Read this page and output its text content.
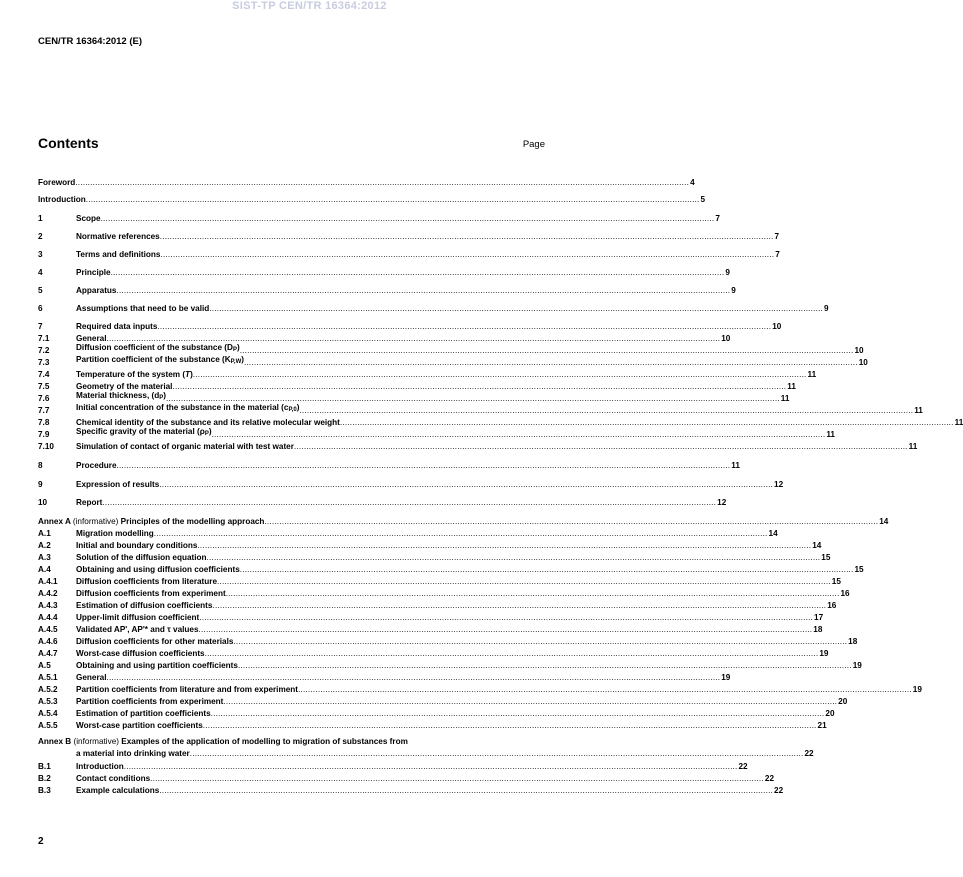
SIST-TP CEN/TR 16364:2012
CEN/TR 16364:2012 (E)
Contents	Page
Foreword .....	4
Introduction .....	5
1	Scope .....	7
2	Normative references .....	7
3	Terms and definitions .....	7
4	Principle .....	9
5	Apparatus .....	9
6	Assumptions that need to be valid .....	9
7	Required data inputs .....	10
7.1	General .....	10
7.2	Diffusion coefficient of the substance $(D_P)$ .....	10
7.3	Partition coefficient of the substance $(K_{P,W})$ .....	10
7.4	Temperature of the system (T) .....	11
7.5	Geometry of the material .....	11
7.6	Material thickness, $(d_P)$ .....	11
7.7	Initial concentration of the substance in the material $(c_{P,0})$ .....	11
7.8	Chemical identity of the substance and its relative molecular weight .....	11
7.9	Specific gravity of the material $(\rho_P)$ .....	11
7.10	Simulation of contact of organic material with test water .....	11
8	Procedure .....	11
9	Expression of results .....	12
10	Report .....	12
Annex A (informative) Principles of the modelling approach .....	14
A.1	Migration modelling .....	14
A.2	Initial and boundary conditions .....	14
A.3	Solution of the diffusion equation .....	15
A.4	Obtaining and using diffusion coefficients .....	15
A.4.1	Diffusion coefficients from literature .....	15
A.4.2	Diffusion coefficients from experiment .....	16
A.4.3	Estimation of diffusion coefficients .....	16
A.4.4	Upper-limit diffusion coefficient .....	17
A.4.5	Validated AP', AP'* and τ values .....	18
A.4.6	Diffusion coefficients for other materials .....	18
A.4.7	Worst-case diffusion coefficients .....	19
A.5	Obtaining and using partition coefficients .....	19
A.5.1	General .....	19
A.5.2	Partition coefficients from literature and from experiment .....	19
A.5.3	Partition coefficients from experiment .....	20
A.5.4	Estimation of partition coefficients .....	20
A.5.5	Worst-case partition coefficients .....	21
Annex B (informative) Examples of the application of modelling to migration of substances from
a material into drinking water .....	22
B.1	Introduction .....	22
B.2	Contact conditions .....	22
B.3	Example calculations .....	22
2
